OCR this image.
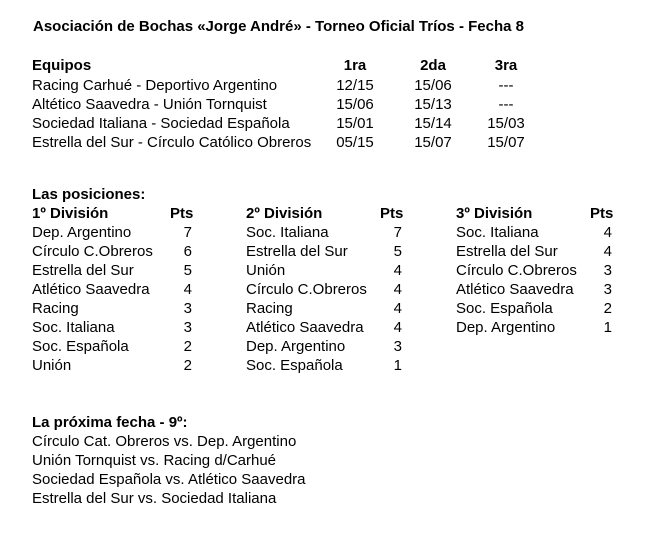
Asociación de Bochas «Jorge André» - Torneo Oficial Tríos - Fecha 8
Equipos	1ra	2da	3ra
Racing Carhué - Deportivo Argentino	12/15	15/06	---
Altético Saavedra - Unión Tornquist	15/06	15/13	---
Sociedad Italiana - Sociedad Española	15/01	15/14	15/03
Estrella del Sur - Círculo Católico Obreros	05/15	15/07	15/07
Las posiciones:
1º División	Pts
Dep. Argentino	7
Círculo C.Obreros	6
Estrella del Sur	5
Atlético Saavedra	4
Racing	3
Soc. Italiana	3
Soc. Española	2
Unión	2
2º División	Pts
Soc. Italiana	7
Estrella del Sur	5
Unión	4
Círculo C.Obreros	4
Racing	4
Atlético Saavedra	4
Dep. Argentino	3
Soc. Española	1
3º División	Pts
Soc. Italiana	4
Estrella del Sur	4
Círculo C.Obreros	3
Atlético Saavedra	3
Soc. Española	2
Dep. Argentino	1
La próxima fecha - 9º:
Círculo Cat. Obreros vs. Dep. Argentino
Unión Tornquist vs. Racing d/Carhué
Sociedad Española vs. Atlético Saavedra
Estrella del Sur vs. Sociedad Italiana
